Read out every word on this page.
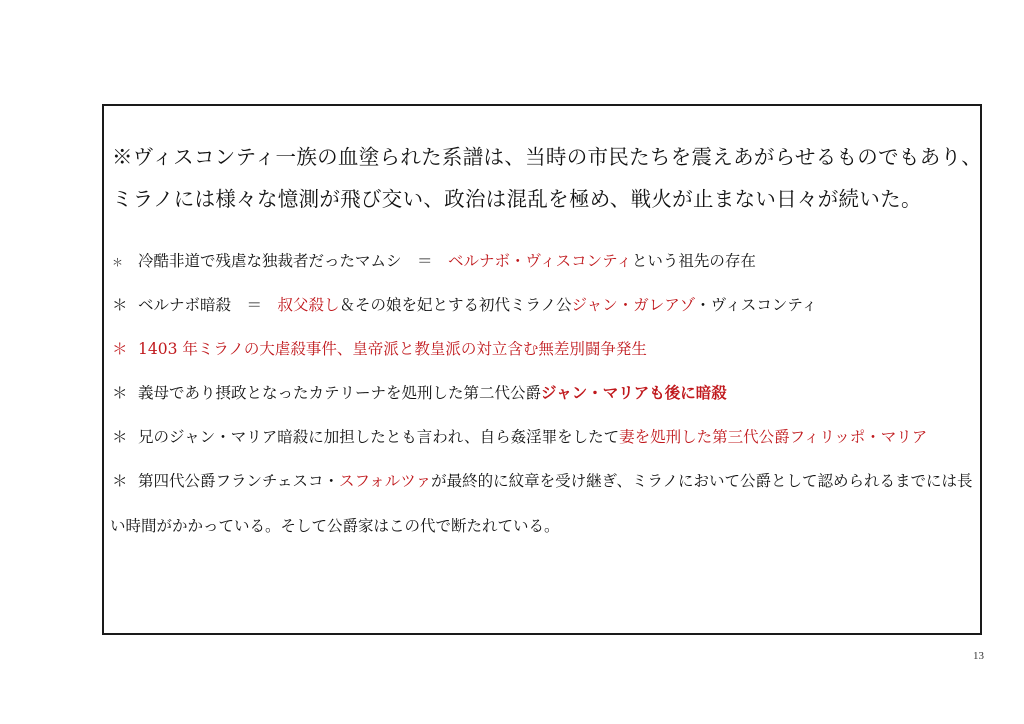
※ヴィスコンティ一族の血塗られた系譜は、当時の市民たちを震えあがらせるものでもあり、
ミラノには様々な憶測が飛び交い、政治は混乱を極め、戦火が止まない日々が続いた。
＊ 冷酷非道で残虐な独裁者だったマムシ　＝　ベルナボ・ヴィスコンティという祖先の存在
＊ ベルナボ暗殺　＝　叔父殺し＆その娘を妃とする初代ミラノ公ジャン・ガレアゾ・ヴィスコンティ
＊ 1403 年ミラノの大虐殺事件、皇帝派と教皇派の対立含む無差別闘争発生
＊ 義母であり摂政となったカテリーナを処刑した第二代公爵ジャン・マリアも後に暗殺
＊ 兄のジャン・マリア暗殺に加担したとも言われ、自ら姦淫罪をしたて妻を処刑した第三代公爵フィリッポ・マリア
＊ 第四代公爵フランチェスコ・スフォルツァが最終的に紋章を受け継ぎ、ミラノにおいて公爵として認められるまでには長
い時間がかかっている。そして公爵家はこの代で断たれている。
13
